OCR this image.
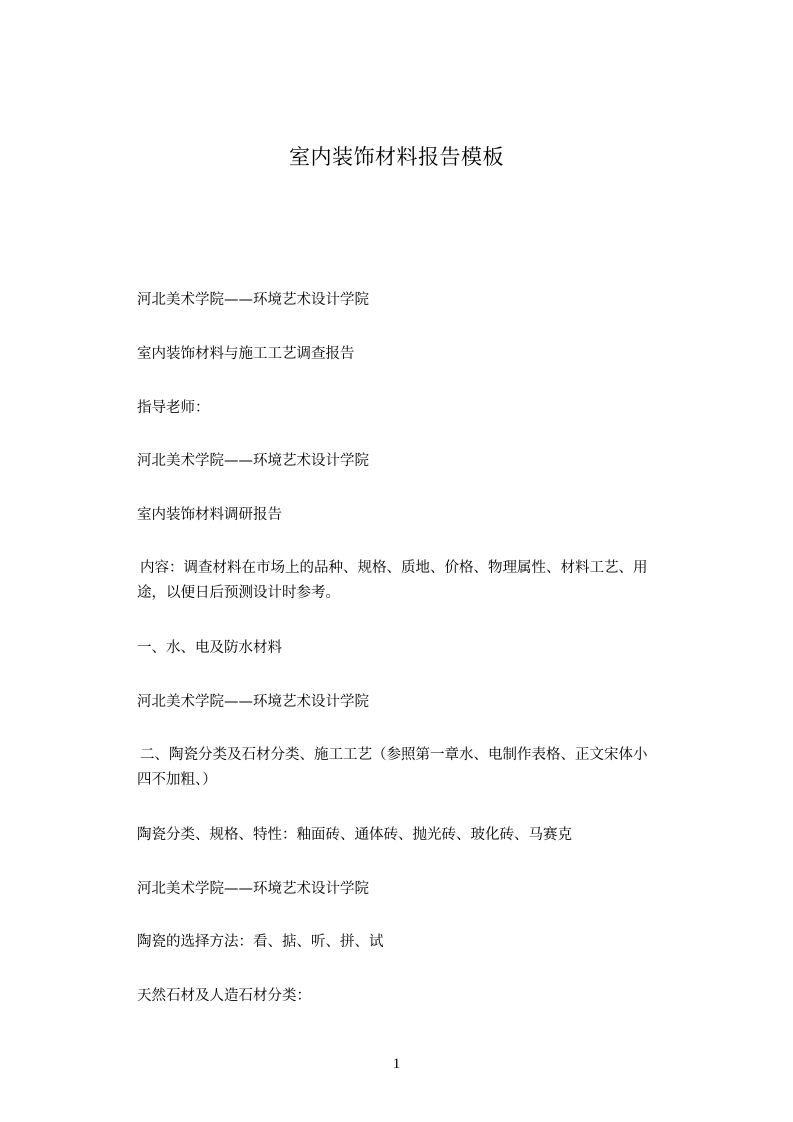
室内装饰材料报告模板
河北美术学院——环境艺术设计学院
室内装饰材料与施工工艺调查报告
指导老师：
河北美术学院——环境艺术设计学院
室内装饰材料调研报告
内容：调查材料在市场上的品种、规格、质地、价格、物理属性、材料工艺、用
途，以便日后预测设计时参考。
一、水、电及防水材料
河北美术学院——环境艺术设计学院
二、陶瓷分类及石材分类、施工工艺（参照第一章水、电制作表格、正文宋体小
四不加粗、）
陶瓷分类、规格、特性：釉面砖、通体砖、抛光砖、玻化砖、马赛克
河北美术学院——环境艺术设计学院
陶瓷的选择方法：看、掂、听、拼、试
天然石材及人造石材分类：
1
